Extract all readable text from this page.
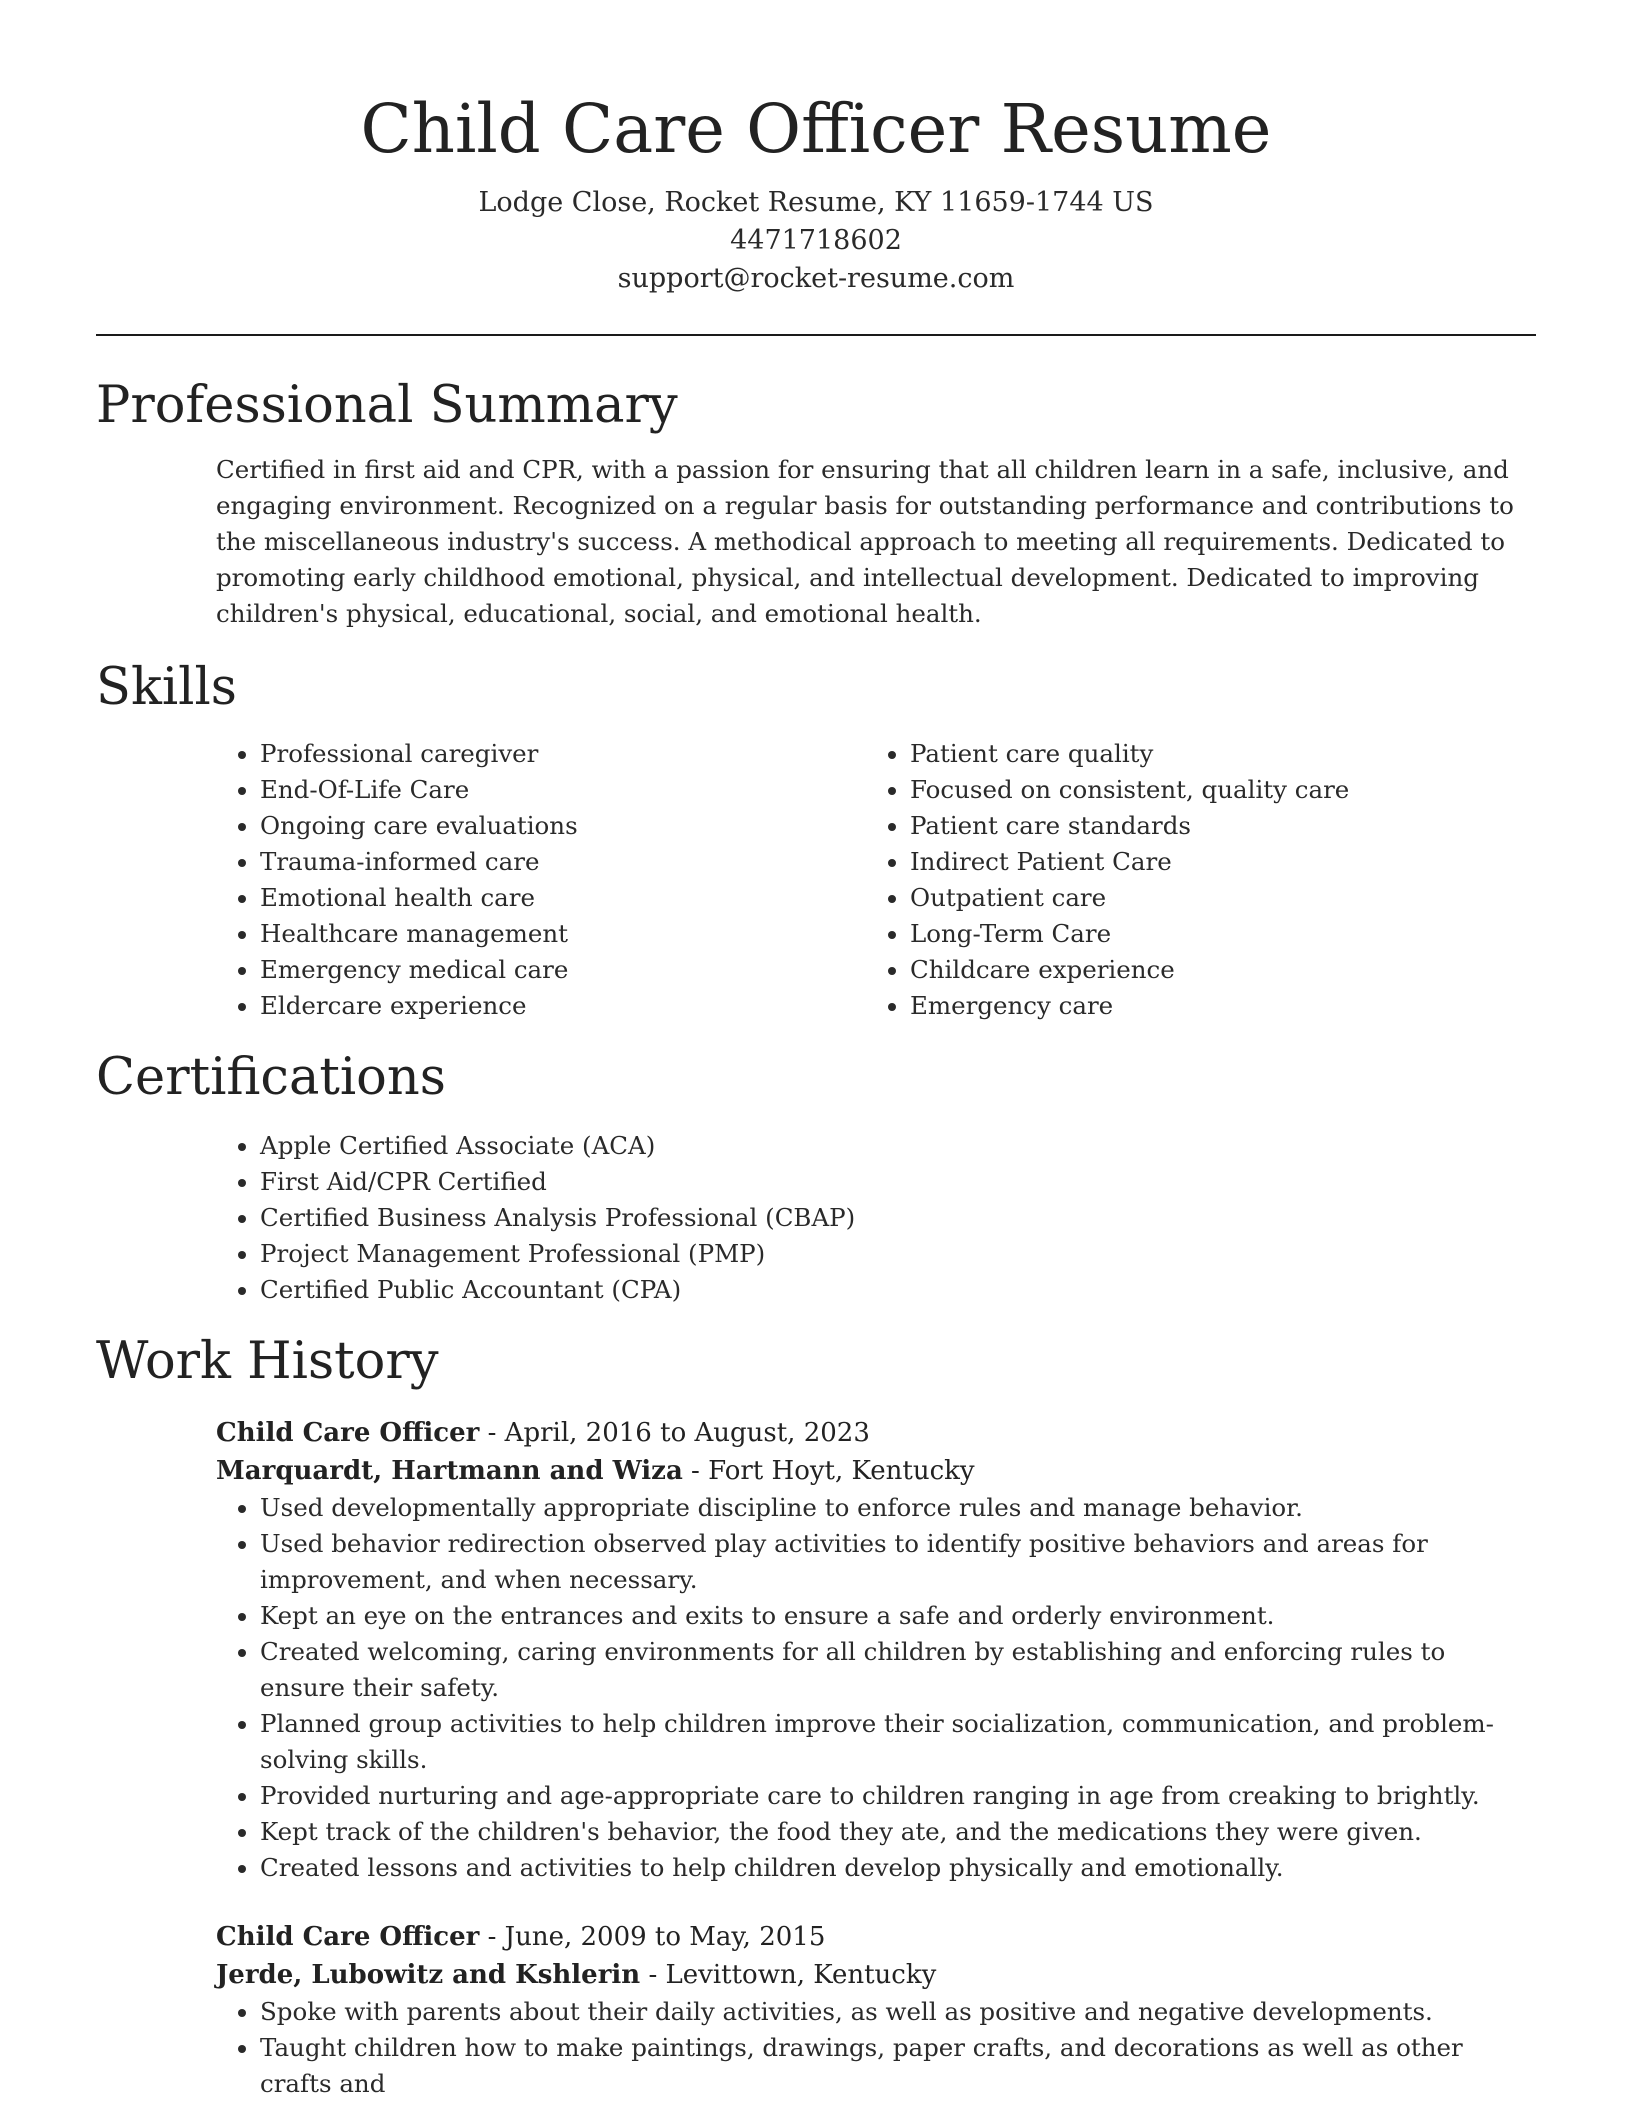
Child Care Officer Resume
Lodge Close, Rocket Resume, KY 11659-1744 US
4471718602
support@rocket-resume.com
Professional Summary

Certified in first aid and CPR, with a passion for ensuring that all children learn in a safe, inclusive, and engaging environment. Recognized on a regular basis for outstanding performance and contributions to the miscellaneous industry's success. A methodical approach to meeting all requirements. Dedicated to promoting early childhood emotional, physical, and intellectual development. Dedicated to improving children's physical, educational, social, and emotional health.

Skills
• Professional caregiver
• End-Of-Life Care
• Ongoing care evaluations
• Trauma-informed care
• Emotional health care
• Healthcare management
• Emergency medical care
• Eldercare experience
• Patient care quality
• Focused on consistent, quality care
• Patient care standards
• Indirect Patient Care
• Outpatient care
• Long-Term Care
• Childcare experience
• Emergency care
Certifications
• Apple Certified Associate (ACA)
• First Aid/CPR Certified
• Certified Business Analysis Professional (CBAP)
• Project Management Professional (PMP)
• Certified Public Accountant (CPA)
Work History
Child Care Officer - April, 2016 to August, 2023
Marquardt, Hartmann and Wiza - Fort Hoyt, Kentucky
• Used developmentally appropriate discipline to enforce rules and manage behavior.
• Used behavior redirection observed play activities to identify positive behaviors and areas for improvement, and when necessary.
• Kept an eye on the entrances and exits to ensure a safe and orderly environment.
• Created welcoming, caring environments for all children by establishing and enforcing rules to ensure their safety.
• Planned group activities to help children improve their socialization, communication, and problem-solving skills.
• Provided nurturing and age-appropriate care to children ranging in age from creaking to brightly.
• Kept track of the children's behavior, the food they ate, and the medications they were given.
• Created lessons and activities to help children develop physically and emotionally.
Child Care Officer - June, 2009 to May, 2015
Jerde, Lubowitz and Kshlerin - Levittown, Kentucky
• Spoke with parents about their daily activities, as well as positive and negative developments.
• Taught children how to make paintings, drawings, paper crafts, and decorations as well as other crafts and
